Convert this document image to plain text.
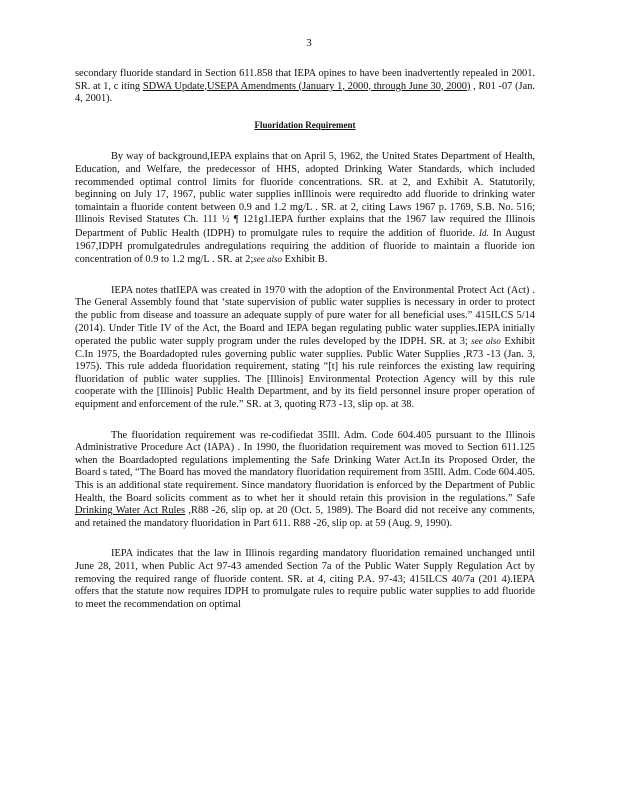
3

secondary fluoride standard in Section 611.858 that IEPA opines to have been inadvertently repealed in 2001. SR. at 1, c iting SDWA Update,USEPA Amendments (January 1, 2000, through June 30, 2000) , R01 -07 (Jan. 4, 2001).

Fluoridation Requirement

By way of background,IEPA explains that on April 5, 1962, the United States Department of Health, Education, and Welfare, the predecessor of HHS, adopted Drinking Water Standards, which included recommended optimal control limits for fluoride concentrations. SR. at 2, and Exhibit A. Statutorily, beginning on July 17, 1967, public water supplies inIllinois were requiredto add fluoride to drinking water tomaintain a fluoride content between 0.9 and 1.2 mg/L . SR. at 2, citing Laws 1967 p. 1769, S.B. No. 516; Illinois Revised Statutes Ch. 111 ½ ¶ 121g1.IEPA further explains that the 1967 law required the Illinois Department of Public Health (IDPH) to promulgate rules to require the addition of fluoride. Id. In August 1967,IDPH promulgatedrules andregulations requiring the addition of fluoride to maintain a fluoride ion concentration of 0.9 to 1.2 mg/L . SR. at 2;see also Exhibit B.

IEPA notes thatIEPA was created in 1970 with the adoption of the Environmental Protect Act (Act) . The General Assembly found that ‘state supervision of public water supplies is necessary in order to protect the public from disease and toassure an adequate supply of pure water for all beneficial uses.” 415ILCS 5/14 (2014). Under Title IV of the Act, the Board and IEPA began regulating public water supplies.IEPA initially operated the public water supply program under the rules developed by the IDPH. SR. at 3; see also Exhibit C.In 1975, the Boardadopted rules governing public water supplies. Public Water Supplies ,R73 -13 (Jan. 3, 1975). This rule addeda fluoridation requirement, stating “[t] his rule reinforces the existing law requiring fluoridation of public water supplies. The [Illinois] Environmental Protection Agency will by this rule cooperate with the [Illinois] Public Health Department, and by its field personnel insure proper operation of equipment and enforcement of the rule.” SR. at 3, quoting R73 -13, slip op. at 38.

The fluoridation requirement was re-codifiedat 35Ill. Adm. Code 604.405 pursuant to the Illinois Administrative Procedure Act (IAPA) . In 1990, the fluoridation requirement was moved to Section 611.125 when the Boardadopted regulations implementing the Safe Drinking Water Act.In its Proposed Order, the Board s tated, “The Board has moved the mandatory fluoridation requirement from 35Ill. Adm. Code 604.405. This is an additional state requirement. Since mandatory fluoridation is enforced by the Department of Public Health, the Board solicits comment as to whet her it should retain this provision in the regulations.” Safe Drinking Water Act Rules ,R88 -26, slip op. at 20 (Oct. 5, 1989). The Board did not receive any comments, and retained the mandatory fluoridation in Part 611. R88 -26, slip op. at 59 (Aug. 9, 1990).

IEPA indicates that the law in Illinois regarding mandatory fluoridation remained unchanged until June 28, 2011, when Public Act 97-43 amended Section 7a of the Public Water Supply Regulation Act by removing the required range of fluoride content. SR. at 4, citing P.A. 97-43; 415ILCS 40/7a (201 4).IEPA offers that the statute now requires IDPH to promulgate rules to require public water supplies to add fluoride to meet the recommendation on optimal
